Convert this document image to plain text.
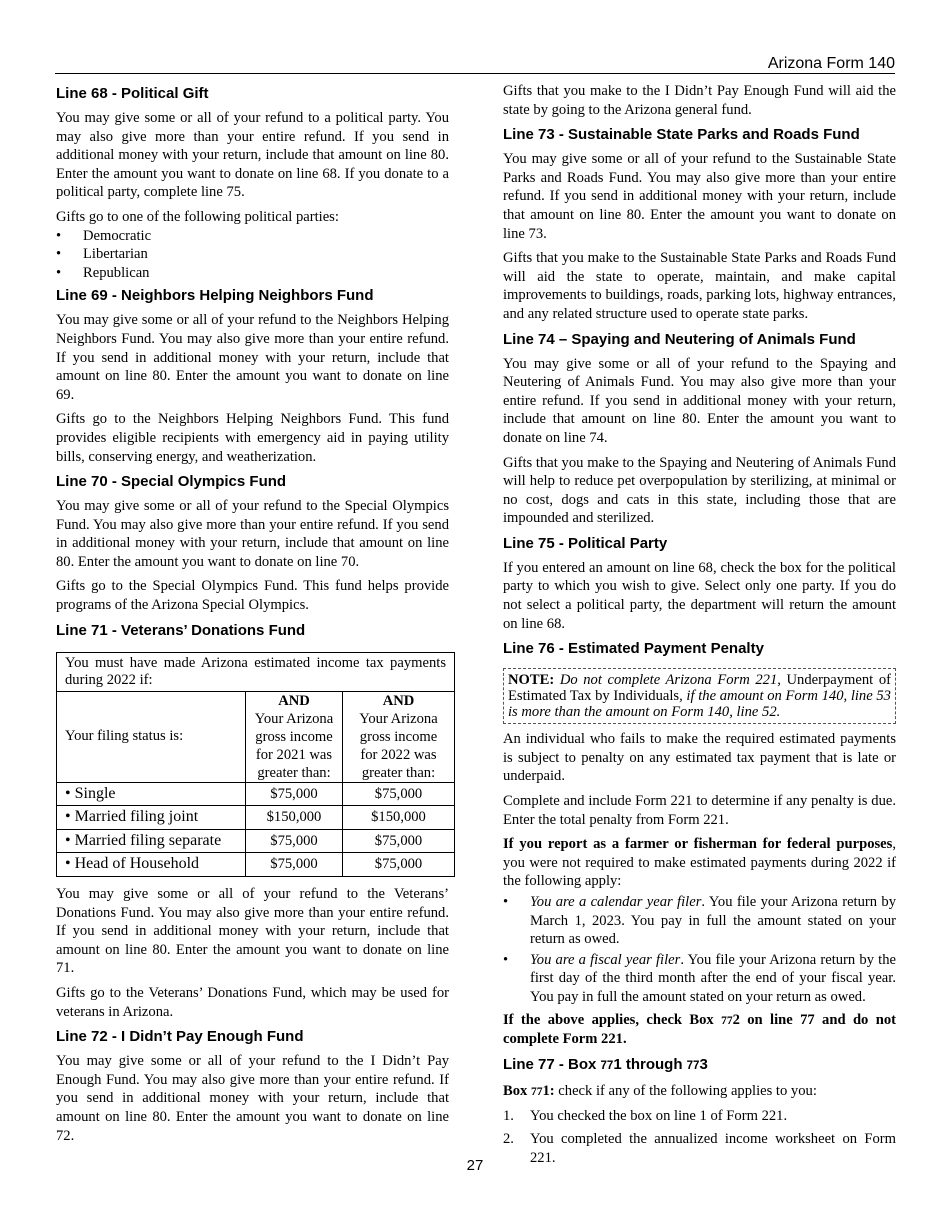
Arizona Form 140
Line 68 - Political Gift

You may give some or all of your refund to a political party. You may also give more than your entire refund. If you send in additional money with your return, include that amount on line 80. Enter the amount you want to donate on line 68. If you donate to a political party, complete line 75.

Gifts go to one of the following political parties:

• Democratic
• Libertarian
• Republican
Line 69 - Neighbors Helping Neighbors Fund

You may give some or all of your refund to the Neighbors Helping Neighbors Fund. You may also give more than your entire refund. If you send in additional money with your return, include that amount on line 80. Enter the amount you want to donate on line 69.

Gifts go to the Neighbors Helping Neighbors Fund. This fund provides eligible recipients with emergency aid in paying utility bills, conserving energy, and weatherization.

Line 70 - Special Olympics Fund

You may give some or all of your refund to the Special Olympics Fund. You may also give more than your entire refund. If you send in additional money with your return, include that amount on line 80. Enter the amount you want to donate on line 70.

Gifts go to the Special Olympics Fund. This fund helps provide programs of the Arizona Special Olympics.

Line 71 - Veterans’ Donations Fund
You must have made Arizona estimated income tax payments during 2022 if:		
Your filing status is:	AND
Your Arizona
gross income
for 2021 was
greater than:	AND
Your Arizona
gross income
for 2022 was
greater than:
• Single	$75,000	$75,000
• Married filing joint	$150,000	$150,000
• Married filing separate	$75,000	$75,000
• Head of Household	$75,000	$75,000

You may give some or all of your refund to the Veterans’ Donations Fund. You may also give more than your entire refund. If you send in additional money with your return, include that amount on line 80. Enter the amount you want to donate on line 71.

Gifts go to the Veterans’ Donations Fund, which may be used for veterans in Arizona.

Line 72 - I Didn’t Pay Enough Fund

You may give some or all of your refund to the I Didn’t Pay Enough Fund. You may also give more than your entire refund. If you send in additional money with your return, include that amount on line 80. Enter the amount you want to donate on line 72.

Gifts that you make to the I Didn’t Pay Enough Fund will aid the state by going to the Arizona general fund.

Line 73 - Sustainable State Parks and Roads Fund

You may give some or all of your refund to the Sustainable State Parks and Roads Fund. You may also give more than your entire refund. If you send in additional money with your return, include that amount on line 80. Enter the amount you want to donate on line 73.

Gifts that you make to the Sustainable State Parks and Roads Fund will aid the state to operate, maintain, and make capital improvements to buildings, roads, parking lots, highway entrances, and any related structure used to operate state parks.

Line 74 – Spaying and Neutering of Animals Fund

You may give some or all of your refund to the Spaying and Neutering of Animals Fund. You may also give more than your entire refund. If you send in additional money with your return, include that amount on line 80. Enter the amount you want to donate on line 74.

Gifts that you make to the Spaying and Neutering of Animals Fund will help to reduce pet overpopulation by sterilizing, at minimal or no cost, dogs and cats in this state, including those that are impounded and sterilized.

Line 75 - Political Party

If you entered an amount on line 68, check the box for the political party to which you wish to give. Select only one party. If you do not select a political party, the department will return the amount on line 68.

Line 76 - Estimated Payment Penalty
NOTE: Do not complete Arizona Form 221, Underpayment of Estimated Tax by Individuals, if the amount on Form 140, line 53 is more than the amount on Form 140, line 52.

An individual who fails to make the required estimated payments is subject to penalty on any estimated tax payment that is late or underpaid.

Complete and include Form 221 to determine if any penalty is due. Enter the total penalty from Form 221.

If you report as a farmer or fisherman for federal purposes, you were not required to make estimated payments during 2022 if the following apply:

• You are a calendar year filer. You file your Arizona return by March 1, 2023. You pay in full the amount stated on your return as owed.
• You are a fiscal year filer. You file your Arizona return by the first day of the third month after the end of your fiscal year. You pay in full the amount stated on your return as owed.

If the above applies, check Box 772 on line 77 and do not complete Form 221.

Line 77 - Box 771 through 773

Box 771: check if any of the following applies to you:

1. You checked the box on line 1 of Form 221.
2. You completed the annualized income worksheet on Form 221.
27
